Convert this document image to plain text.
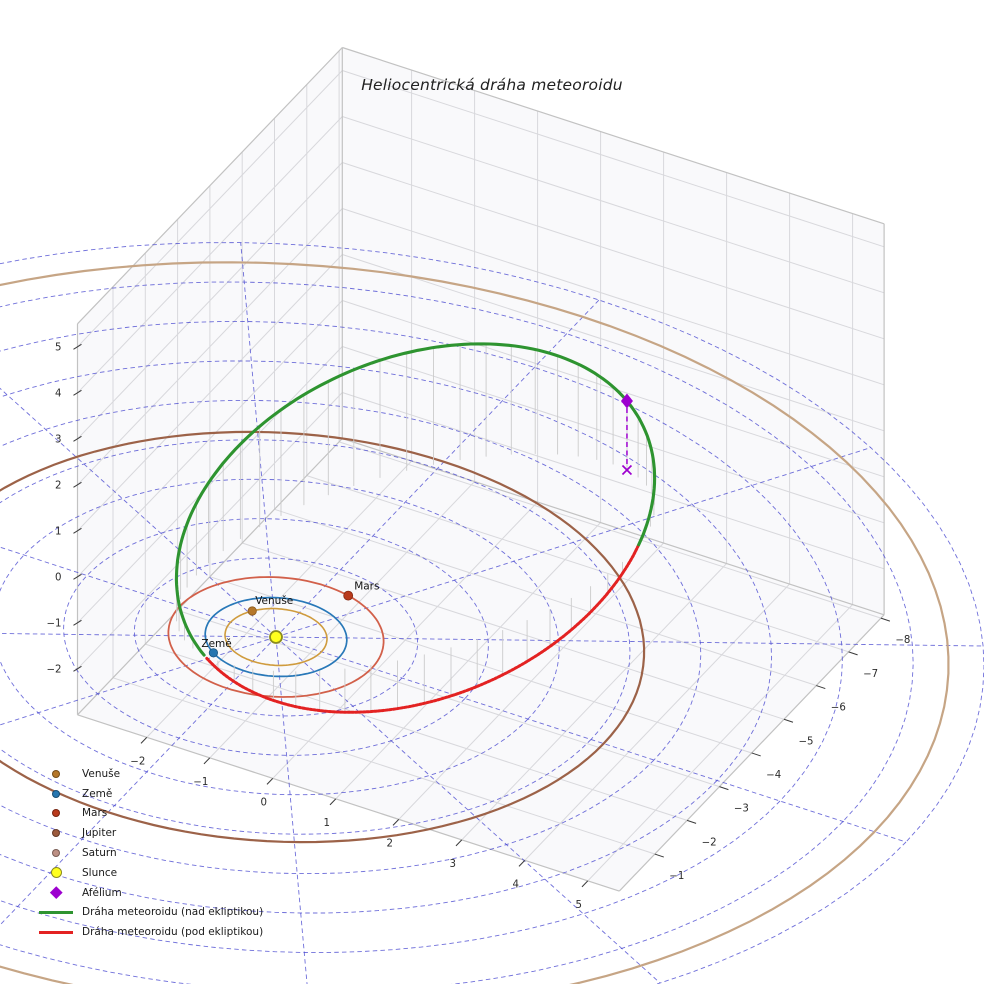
Venuše
Země
Mars
−2
−1
0
1
2
3
4
5
−8
−7
−6
−5
−4
−3
−2
−1
5
4
3
2
1
0
−1
−2
Heliocentrická dráha meteoroidu
Venuše
Země
Mars
Jupiter
Saturn
Slunce
Afélium
Dráha meteoroidu (nad ekliptikou)
Dráha meteoroidu (pod ekliptikou)
